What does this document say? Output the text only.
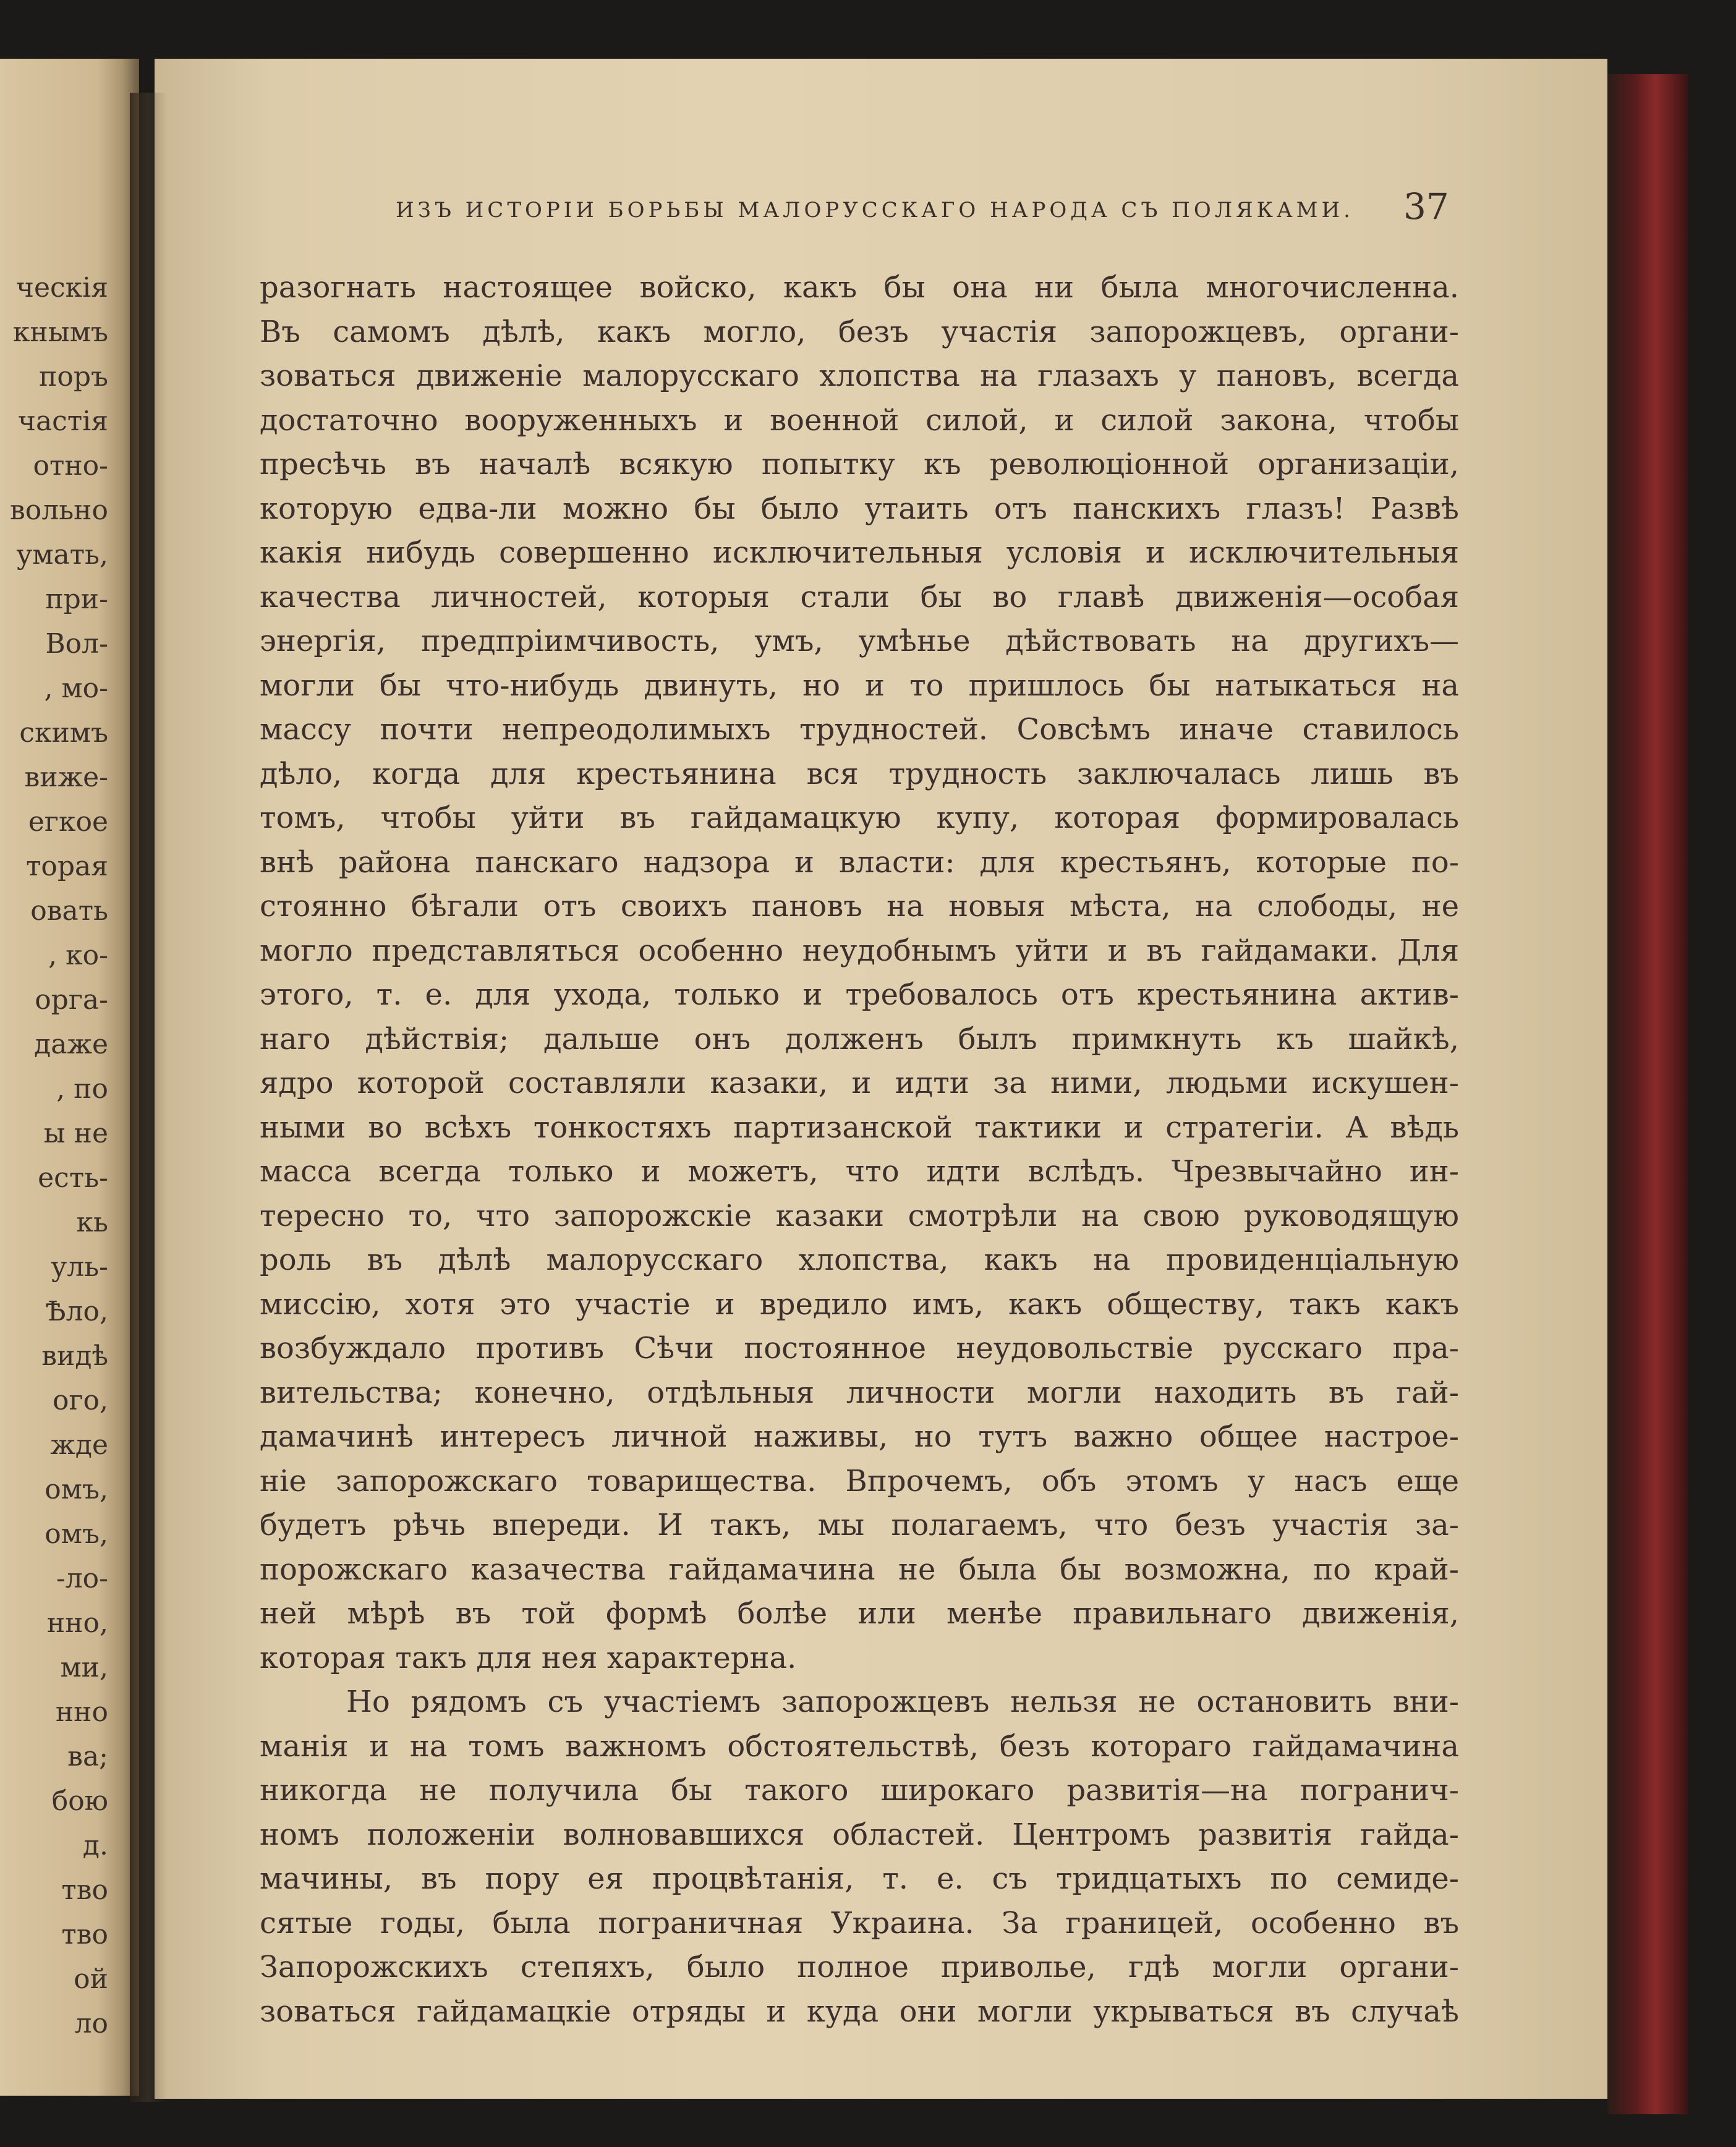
ческія
кнымъ
поръ
частія
отно-
вольно
умать,
при-
Вол-
, мо-
скимъ
виже-
егкое
торая
овать
, ко-
орга-
даже
, по
ы не
есть-
кь
уль-
Ѣло,
видѣ
ого,
жде
омъ,
омъ,
-ло-
нно,
ми,
нно
ва;
бою
д.
тво
тво
ой
ло
ИЗЪ ИСТОРІИ БОРЬБЫ МАЛОРУССКАГО НАРОДА СЪ ПОЛЯКАМИ. 37
разогнать настоящее войско, какъ бы она ни была многочисленна.
Въ самомъ дѣлѣ, какъ могло, безъ участія запорожцевъ, органи-
зоваться движеніе малорусскаго хлопства на глазахъ у пановъ, всегда
достаточно вооруженныхъ и военной силой, и силой закона, чтобы
пресѣчь въ началѣ всякую попытку къ революціонной организаціи,
которую едва-ли можно бы было утаить отъ панскихъ глазъ! Развѣ
какія нибудь совершенно исключительныя условія и исключительныя
качества личностей, которыя стали бы во главѣ движенія—особая
энергія, предпріимчивость, умъ, умѣнье дѣйствовать на другихъ—
могли бы что-нибудь двинуть, но и то пришлось бы натыкаться на
массу почти непреодолимыхъ трудностей. Совсѣмъ иначе ставилось
дѣло, когда для крестьянина вся трудность заключалась лишь въ
томъ, чтобы уйти въ гайдамацкую купу, которая формировалась
внѣ района панскаго надзора и власти: для крестьянъ, которые по-
стоянно бѣгали отъ своихъ пановъ на новыя мѣста, на слободы, не
могло представляться особенно неудобнымъ уйти и въ гайдамаки. Для
этого, т. е. для ухода, только и требовалось отъ крестьянина актив-
наго дѣйствія; дальше онъ долженъ былъ примкнуть къ шайкѣ,
ядро которой составляли казаки, и идти за ними, людьми искушен-
ными во всѣхъ тонкостяхъ партизанской тактики и стратегіи. А вѣдь
масса всегда только и можетъ, что идти вслѣдъ. Чрезвычайно ин-
тересно то, что запорожскіе казаки смотрѣли на свою руководящую
роль въ дѣлѣ малорусскаго хлопства, какъ на провиденціальную
миссію, хотя это участіе и вредило имъ, какъ обществу, такъ какъ
возбуждало противъ Сѣчи постоянное неудовольствіе русскаго пра-
вительства; конечно, отдѣльныя личности могли находить въ гай-
дамачинѣ интересъ личной наживы, но тутъ важно общее настрое-
ніе запорожскаго товарищества. Впрочемъ, объ этомъ у насъ еще
будетъ рѣчь впереди. И такъ, мы полагаемъ, что безъ участія за-
порожскаго казачества гайдамачина не была бы возможна, по край-
ней мѣрѣ въ той формѣ болѣе или менѣе правильнаго движенія,
которая такъ для нея характерна.
Но рядомъ съ участіемъ запорожцевъ нельзя не остановить вни-
манія и на томъ важномъ обстоятельствѣ, безъ котораго гайдамачина
никогда не получила бы такого широкаго развитія—на погранич-
номъ положеніи волновавшихся областей. Центромъ развитія гайда-
мачины, въ пору ея процвѣтанія, т. е. съ тридцатыхъ по семиде-
сятые годы, была пограничная Украина. За границей, особенно въ
Запорожскихъ степяхъ, было полное приволье, гдѣ могли органи-
зоваться гайдамацкіе отряды и куда они могли укрываться въ случаѣ
